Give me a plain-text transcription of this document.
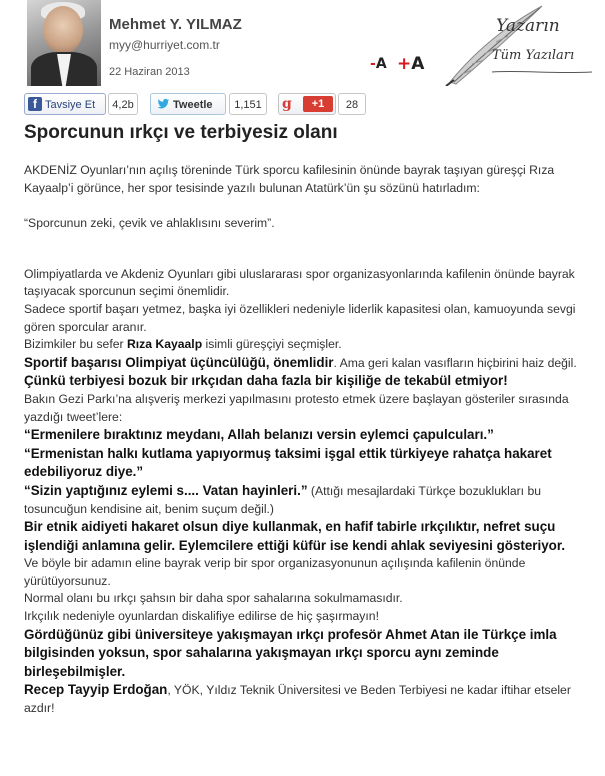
Mehmet Y. YILMAZ
myy@hurriyet.com.tr
22 Haziran 2013	-A +A
Yazarın
Tüm Yazıları
f Tavsiye Et	4,2b	Tweetle	1,151	g	+1	28
Sporcunun ırkçı ve terbiyesiz olanı

AKDENİZ Oyunları’nın açılış töreninde Türk sporcu kafilesinin önünde bayrak taşıyan güreşçi Rıza Kayaalp’i görünce, her spor tesisinde yazılı bulunan Atatürk’ün şu sözünü hatırladım:

“Sporcunun zeki, çevik ve ahlaklısını severim”.

Olimpiyatlarda ve Akdeniz Oyunları gibi uluslararası spor organizasyonlarında kafilenin önünde bayrak taşıyacak sporcunun seçimi önemlidir.

Sadece sportif başarı yetmez, başka iyi özellikleri nedeniyle liderlik kapasitesi olan, kamuoyunda sevgi gören sporcular aranır.

Bizimkiler bu sefer Rıza Kayaalp isimli güreşçiyi seçmişler.

Sportif başarısı Olimpiyat üçüncülüğü, önemlidir. Ama geri kalan vasıfların hiçbirini haiz değil.

Çünkü terbiyesi bozuk bir ırkçıdan daha fazla bir kişiliğe de tekabül etmiyor!

Bakın Gezi Parkı’na alışveriş merkezi yapılmasını protesto etmek üzere başlayan gösteriler sırasında yazdığı tweet’lere:

“Ermenilere bıraktınız meydanı, Allah belanızı versin eylemci çapulcuları.”

“Ermenistan halkı kutlama yapıyormuş taksimi işgal ettik türkiyeye rahatça hakaret edebiliyoruz diye.”

“Sizin yaptığınız eylemi s.... Vatan hayinleri.” (Attığı mesajlardaki Türkçe bozuklukları bu tosuncuğun kendisine ait, benim suçum değil.)

Bir etnik aidiyeti hakaret olsun diye kullanmak, en hafif tabirle ırkçılıktır, nefret suçu işlendiği anlamına gelir. Eylemcilere ettiği küfür ise kendi ahlak seviyesini gösteriyor.

Ve böyle bir adamın eline bayrak verip bir spor organizasyonunun açılışında kafilenin önünde yürütüyorsunuz.

Normal olanı bu ırkçı şahsın bir daha spor sahalarına sokulmamasıdır.

Irkçılık nedeniyle oyunlardan diskalifiye edilirse de hiç şaşırmayın!

Gördüğünüz gibi üniversiteye yakışmayan ırkçı profesör Ahmet Atan ile Türkçe imla bilgisinden yoksun, spor sahalarına yakışmayan ırkçı sporcu aynı zeminde birleşebilmişler.

Recep Tayyip Erdoğan, YÖK, Yıldız Teknik Üniversitesi ve Beden Terbiyesi ne kadar iftihar etseler azdır!
